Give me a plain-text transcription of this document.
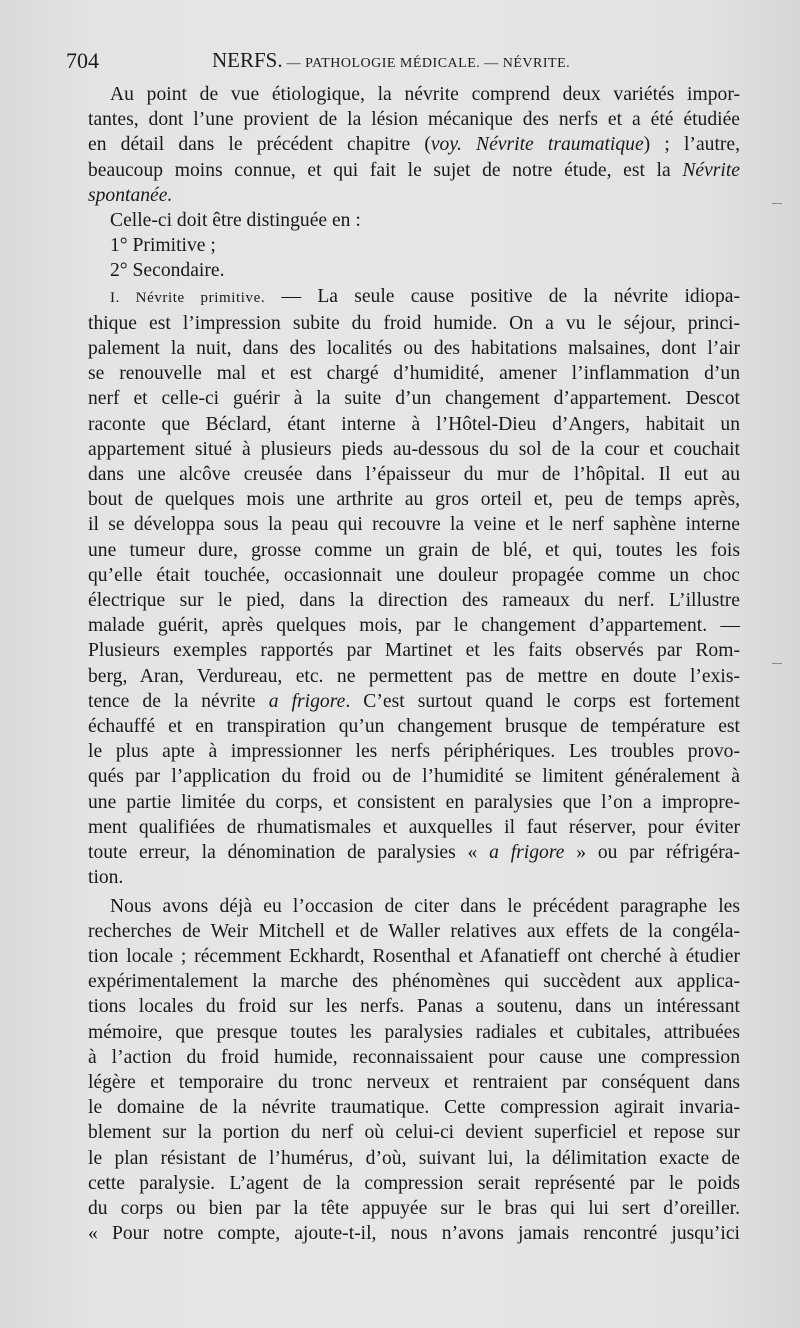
704	NERFS. — PATHOLOGIE MÉDICALE. — NÉVRITE.

Au point de vue étiologique, la névrite comprend deux variétés impor-
tantes, dont l’une provient de la lésion mécanique des nerfs et a été étudiée
en détail dans le précédent chapitre (voy. Névrite traumatique) ; l’autre,
beaucoup moins connue, et qui fait le sujet de notre étude, est la Névrite
spontanée.

Celle-ci doit être distinguée en :

1° Primitive ;

2° Secondaire.

I. Névrite primitive. — La seule cause positive de la névrite idiopa-
thique est l’impression subite du froid humide. On a vu le séjour, princi-
palement la nuit, dans des localités ou des habitations malsaines, dont l’air
se renouvelle mal et est chargé d’humidité, amener l’inflammation d’un
nerf et celle-ci guérir à la suite d’un changement d’appartement. Descot
raconte que Béclard, étant interne à l’Hôtel-Dieu d’Angers, habitait un
appartement situé à plusieurs pieds au-dessous du sol de la cour et couchait
dans une alcôve creusée dans l’épaisseur du mur de l’hôpital. Il eut au
bout de quelques mois une arthrite au gros orteil et, peu de temps après,
il se développa sous la peau qui recouvre la veine et le nerf saphène interne
une tumeur dure, grosse comme un grain de blé, et qui, toutes les fois
qu’elle était touchée, occasionnait une douleur propagée comme un choc
électrique sur le pied, dans la direction des rameaux du nerf. L’illustre
malade guérit, après quelques mois, par le changement d’appartement. —
Plusieurs exemples rapportés par Martinet et les faits observés par Rom-
berg, Aran, Verdureau, etc. ne permettent pas de mettre en doute l’exis-
tence de la névrite a frigore. C’est surtout quand le corps est fortement
échauffé et en transpiration qu’un changement brusque de température est
le plus apte à impressionner les nerfs périphériques. Les troubles provo-
qués par l’application du froid ou de l’humidité se limitent généralement à
une partie limitée du corps, et consistent en paralysies que l’on a impropre-
ment qualifiées de rhumatismales et auxquelles il faut réserver, pour éviter
toute erreur, la dénomination de paralysies « a frigore » ou par réfrigéra-
tion.

Nous avons déjà eu l’occasion de citer dans le précédent paragraphe les
recherches de Weir Mitchell et de Waller relatives aux effets de la congéla-
tion locale ; récemment Eckhardt, Rosenthal et Afanatieff ont cherché à étudier
expérimentalement la marche des phénomènes qui succèdent aux applica-
tions locales du froid sur les nerfs. Panas a soutenu, dans un intéressant
mémoire, que presque toutes les paralysies radiales et cubitales, attribuées
à l’action du froid humide, reconnaissaient pour cause une compression
légère et temporaire du tronc nerveux et rentraient par conséquent dans
le domaine de la névrite traumatique. Cette compression agirait invaria-
blement sur la portion du nerf où celui-ci devient superficiel et repose sur
le plan résistant de l’humérus, d’où, suivant lui, la délimitation exacte de
cette paralysie. L’agent de la compression serait représenté par le poids
du corps ou bien par la tête appuyée sur le bras qui lui sert d’oreiller.
« Pour notre compte, ajoute-t-il, nous n’avons jamais rencontré jusqu’ici
